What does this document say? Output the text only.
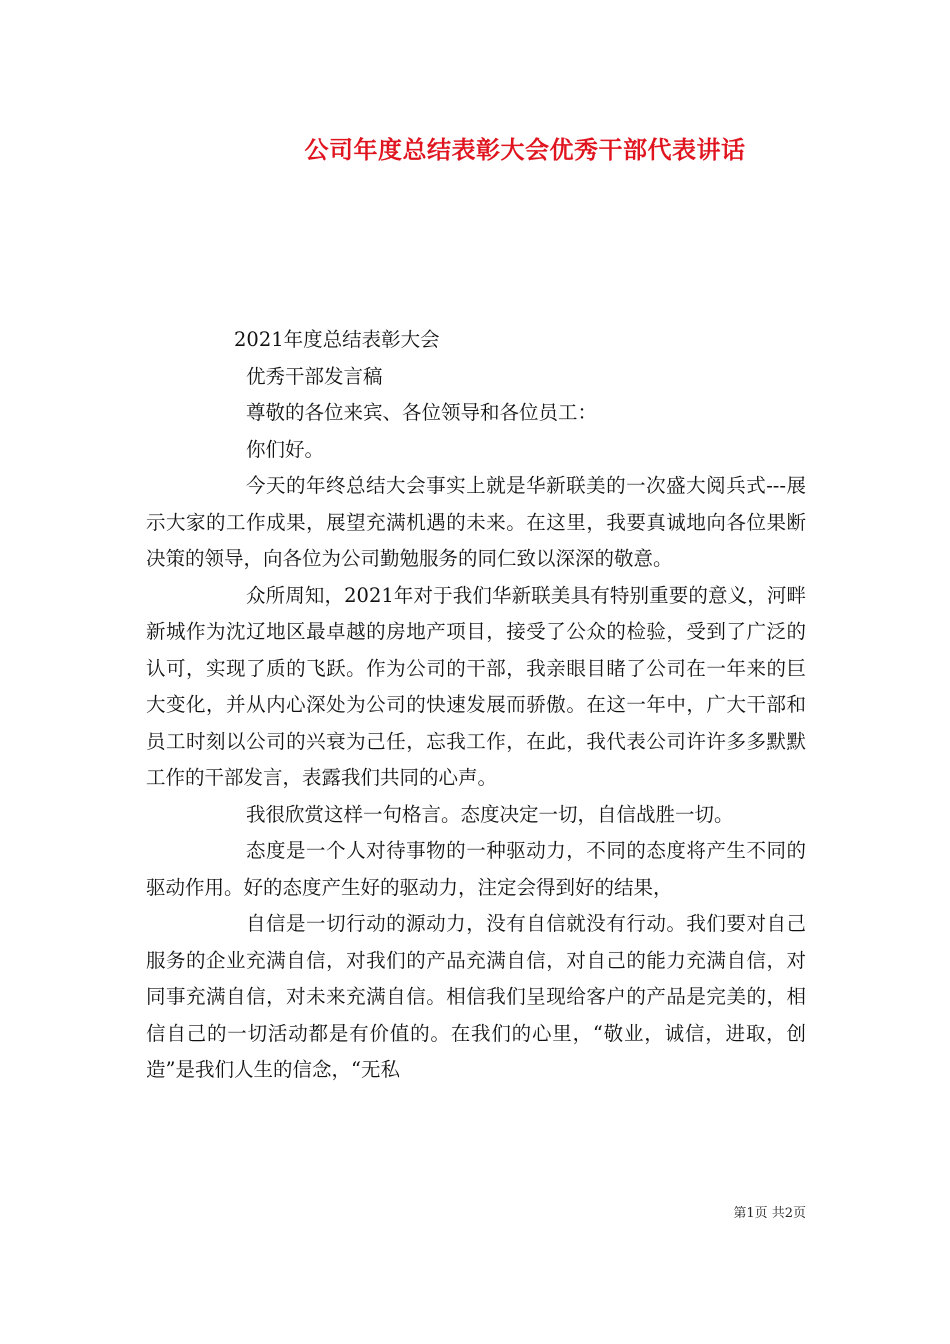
公司年度总结表彰大会优秀干部代表讲话

2021年度总结表彰大会

优秀干部发言稿

尊敬的各位来宾、各位领导和各位员工：

你们好。

今天的年终总结大会事实上就是华新联美的一次盛大阅兵式---展示大家的工作成果，展望充满机遇的未来。在这里，我要真诚地向各位果断决策的领导，向各位为公司勤勉服务的同仁致以深深的敬意。

众所周知，2021年对于我们华新联美具有特别重要的意义，河畔新城作为沈辽地区最卓越的房地产项目，接受了公众的检验，受到了广泛的认可，实现了质的飞跃。作为公司的干部，我亲眼目睹了公司在一年来的巨大变化，并从内心深处为公司的快速发展而骄傲。在这一年中，广大干部和员工时刻以公司的兴衰为己任，忘我工作，在此，我代表公司许许多多默默工作的干部发言，表露我们共同的心声。

我很欣赏这样一句格言。态度决定一切，自信战胜一切。

态度是一个人对待事物的一种驱动力，不同的态度将产生不同的驱动作用。好的态度产生好的驱动力，注定会得到好的结果，

自信是一切行动的源动力，没有自信就没有行动。我们要对自己服务的企业充满自信，对我们的产品充满自信，对自己的能力充满自信，对同事充满自信，对未来充满自信。相信我们呈现给客户的产品是完美的，相信自己的一切活动都是有价值的。在我们的心里，“敬业，诚信，进取，创造”是我们人生的信念，“无私

第1页 共2页
